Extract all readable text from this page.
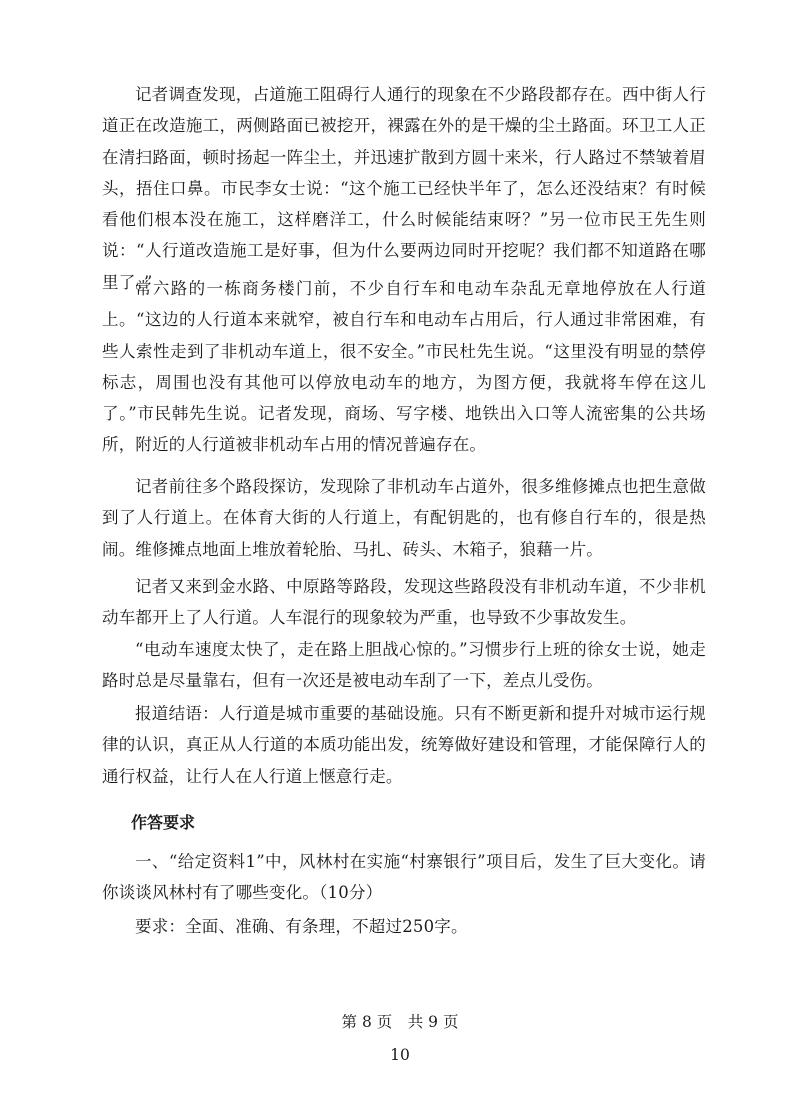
记者调查发现，占道施工阻碍行人通行的现象在不少路段都存在。西中街人行道正在改造施工，两侧路面已被挖开，裸露在外的是干燥的尘土路面。环卫工人正在清扫路面，顿时扬起一阵尘土，并迅速扩散到方圆十来米，行人路过不禁皱着眉头，捂住口鼻。市民李女士说：“这个施工已经快半年了，怎么还没结束？有时候看他们根本没在施工，这样磨洋工，什么时候能结束呀？”另一位市民王先生则说：“人行道改造施工是好事，但为什么要两边同时开挖呢？我们都不知道路在哪里了。”

常六路的一栋商务楼门前，不少自行车和电动车杂乱无章地停放在人行道上。“这边的人行道本来就窄，被自行车和电动车占用后，行人通过非常困难，有些人索性走到了非机动车道上，很不安全。”市民杜先生说。“这里没有明显的禁停标志，周围也没有其他可以停放电动车的地方，为图方便，我就将车停在这儿了。”市民韩先生说。记者发现，商场、写字楼、地铁出入口等人流密集的公共场所，附近的人行道被非机动车占用的情况普遍存在。

记者前往多个路段探访，发现除了非机动车占道外，很多维修摊点也把生意做到了人行道上。在体育大街的人行道上，有配钥匙的，也有修自行车的，很是热闹。维修摊点地面上堆放着轮胎、马扎、砖头、木箱子，狼藉一片。

记者又来到金水路、中原路等路段，发现这些路段没有非机动车道，不少非机动车都开上了人行道。人车混行的现象较为严重，也导致不少事故发生。

“电动车速度太快了，走在路上胆战心惊的。”习惯步行上班的徐女士说，她走路时总是尽量靠右，但有一次还是被电动车刮了一下，差点儿受伤。

报道结语：人行道是城市重要的基础设施。只有不断更新和提升对城市运行规律的认识，真正从人行道的本质功能出发，统筹做好建设和管理，才能保障行人的通行权益，让行人在人行道上惬意行走。

作答要求

一、“给定资料1”中，风林村在实施“村寨银行”项目后，发生了巨大变化。请你谈谈风林村有了哪些变化。（10分）

要求：全面、准确、有条理，不超过250字。

第 8 页　共 9 页
10
